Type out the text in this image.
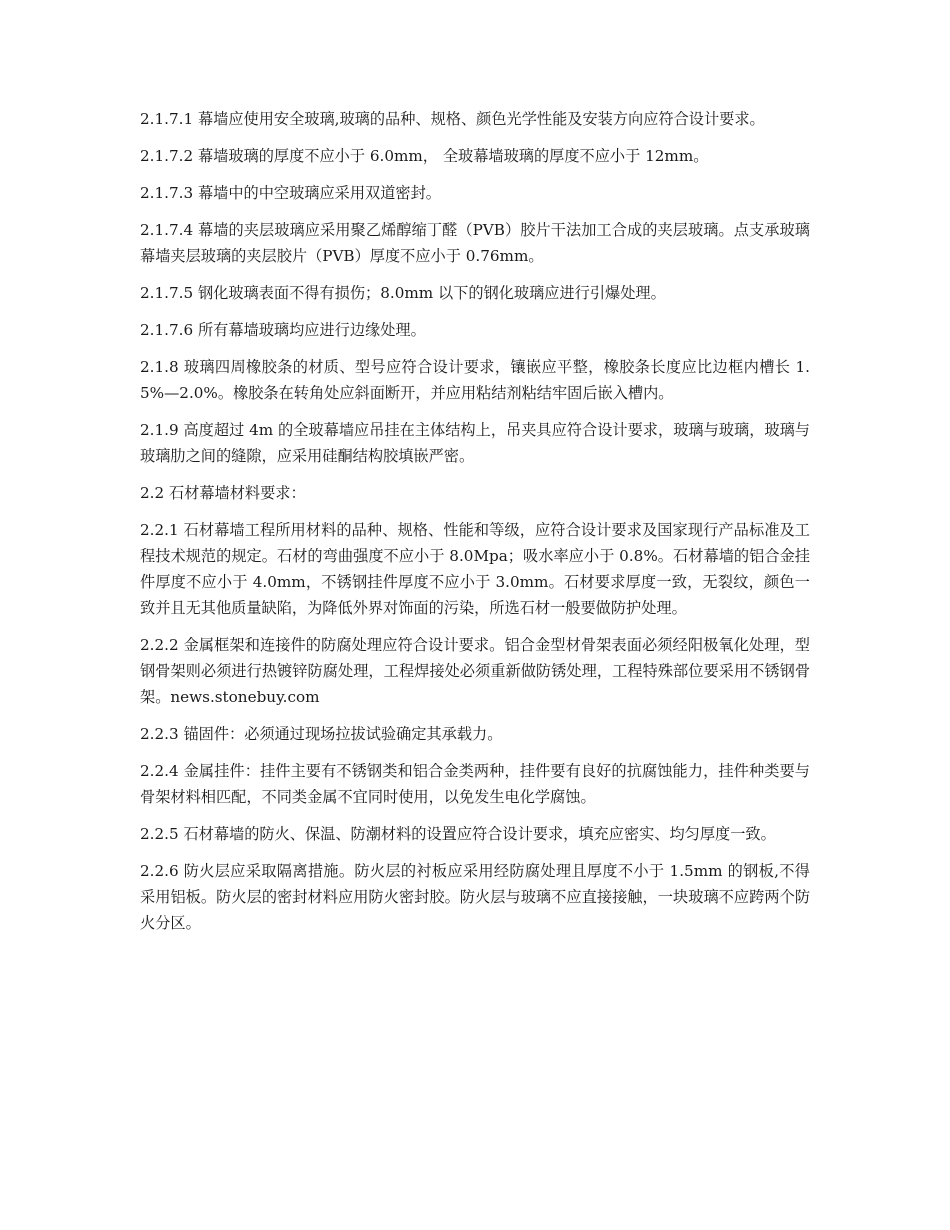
2.1.7.1 幕墙应使用安全玻璃,玻璃的品种、规格、颜色光学性能及安装方向应符合设计要求。

2.1.7.2 幕墙玻璃的厚度不应小于 6.0mm， 全玻幕墙玻璃的厚度不应小于 12mm。

2.1.7.3 幕墙中的中空玻璃应采用双道密封。

2.1.7.4 幕墙的夹层玻璃应采用聚乙烯醇缩丁醛（PVB）胶片干法加工合成的夹层玻璃。点支承玻璃幕墙夹层玻璃的夹层胶片（PVB）厚度不应小于 0.76mm。

2.1.7.5 钢化玻璃表面不得有损伤；8.0mm 以下的钢化玻璃应进行引爆处理。

2.1.7.6 所有幕墙玻璃均应进行边缘处理。

2.1.8 玻璃四周橡胶条的材质、型号应符合设计要求，镶嵌应平整，橡胶条长度应比边框内槽长 1.5%—2.0%。橡胶条在转角处应斜面断开，并应用粘结剂粘结牢固后嵌入槽内。

2.1.9 高度超过 4m 的全玻幕墙应吊挂在主体结构上，吊夹具应符合设计要求，玻璃与玻璃，玻璃与玻璃肋之间的缝隙，应采用硅酮结构胶填嵌严密。

2.2 石材幕墙材料要求：

2.2.1 石材幕墙工程所用材料的品种、规格、性能和等级，应符合设计要求及国家现行产品标准及工程技术规范的规定。石材的弯曲强度不应小于 8.0Mpa；吸水率应小于 0.8%。石材幕墙的铝合金挂件厚度不应小于 4.0mm，不锈钢挂件厚度不应小于 3.0mm。石材要求厚度一致，无裂纹，颜色一致并且无其他质量缺陷，为降低外界对饰面的污染，所选石材一般要做防护处理。

2.2.2 金属框架和连接件的防腐处理应符合设计要求。铝合金型材骨架表面必须经阳极氧化处理，型钢骨架则必须进行热镀锌防腐处理，工程焊接处必须重新做防锈处理，工程特殊部位要采用不锈钢骨架。news.stonebuy.com

2.2.3 锚固件：必须通过现场拉拔试验确定其承载力。

2.2.4 金属挂件：挂件主要有不锈钢类和铝合金类两种，挂件要有良好的抗腐蚀能力，挂件种类要与骨架材料相匹配，不同类金属不宜同时使用，以免发生电化学腐蚀。

2.2.5 石材幕墙的防火、保温、防潮材料的设置应符合设计要求，填充应密实、均匀厚度一致。

2.2.6 防火层应采取隔离措施。防火层的衬板应采用经防腐处理且厚度不小于 1.5mm 的钢板,不得采用铝板。防火层的密封材料应用防火密封胶。防火层与玻璃不应直接接触，一块玻璃不应跨两个防火分区。
